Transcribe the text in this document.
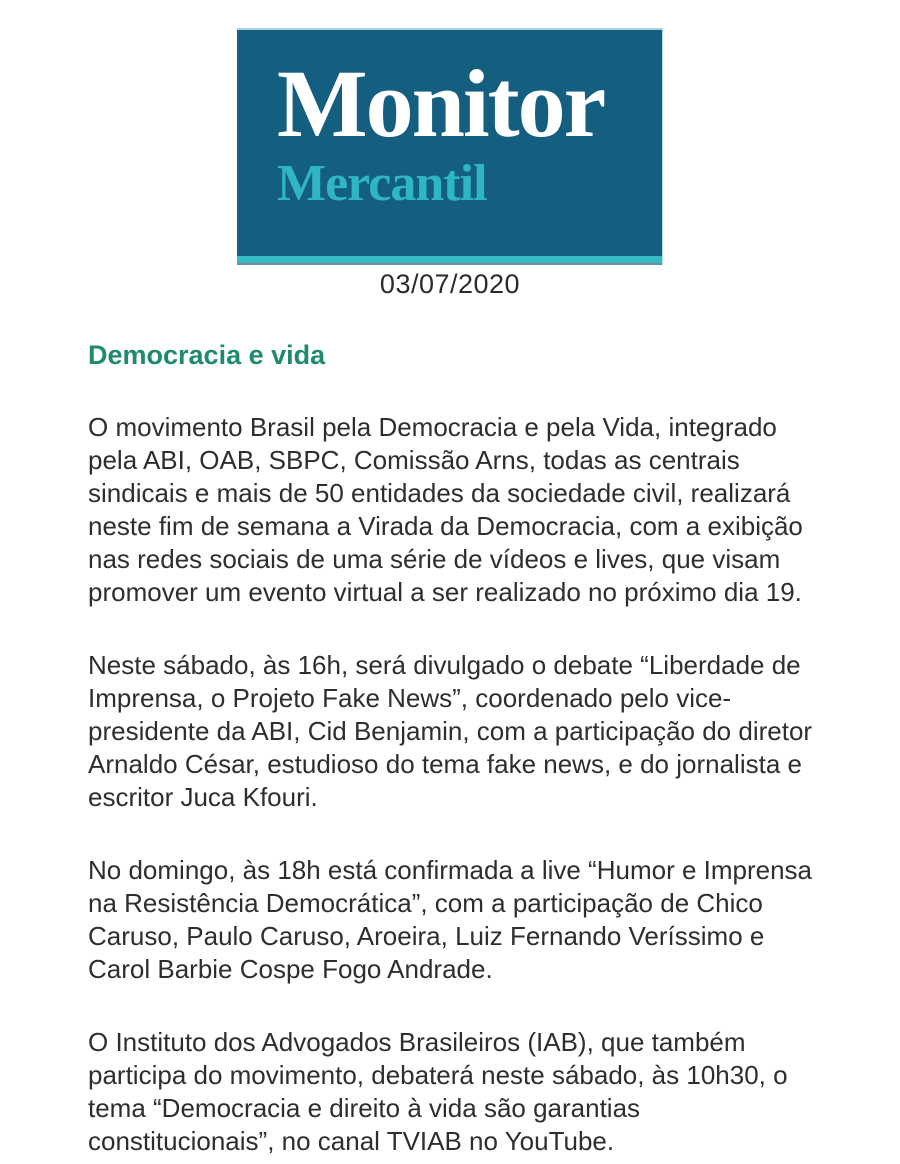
Monitor
Mercantil
03/07/2020
Democracia e vida

O movimento Brasil pela Democracia e pela Vida, integrado pela ABI, OAB, SBPC, Comissão Arns, todas as centrais sindicais e mais de 50 entidades da sociedade civil, realizará neste fim de semana a Virada da Democracia, com a exibição nas redes sociais de uma série de vídeos e lives, que visam promover um evento virtual a ser realizado no próximo dia 19.

Neste sábado, às 16h, será divulgado o debate “Liberdade de Imprensa, o Projeto Fake News”, coordenado pelo vice-presidente da ABI, Cid Benjamin, com a participação do diretor Arnaldo César, estudioso do tema fake news, e do jornalista e escritor Juca Kfouri.

No domingo, às 18h está confirmada a live “Humor e Imprensa na Resistência Democrática”, com a participação de Chico Caruso, Paulo Caruso, Aroeira, Luiz Fernando Veríssimo e Carol Barbie Cospe Fogo Andrade.

O Instituto dos Advogados Brasileiros (IAB), que também participa do movimento, debaterá neste sábado, às 10h30, o tema “Democracia e direito à vida são garantias constitucionais”, no canal TVIAB no YouTube.
